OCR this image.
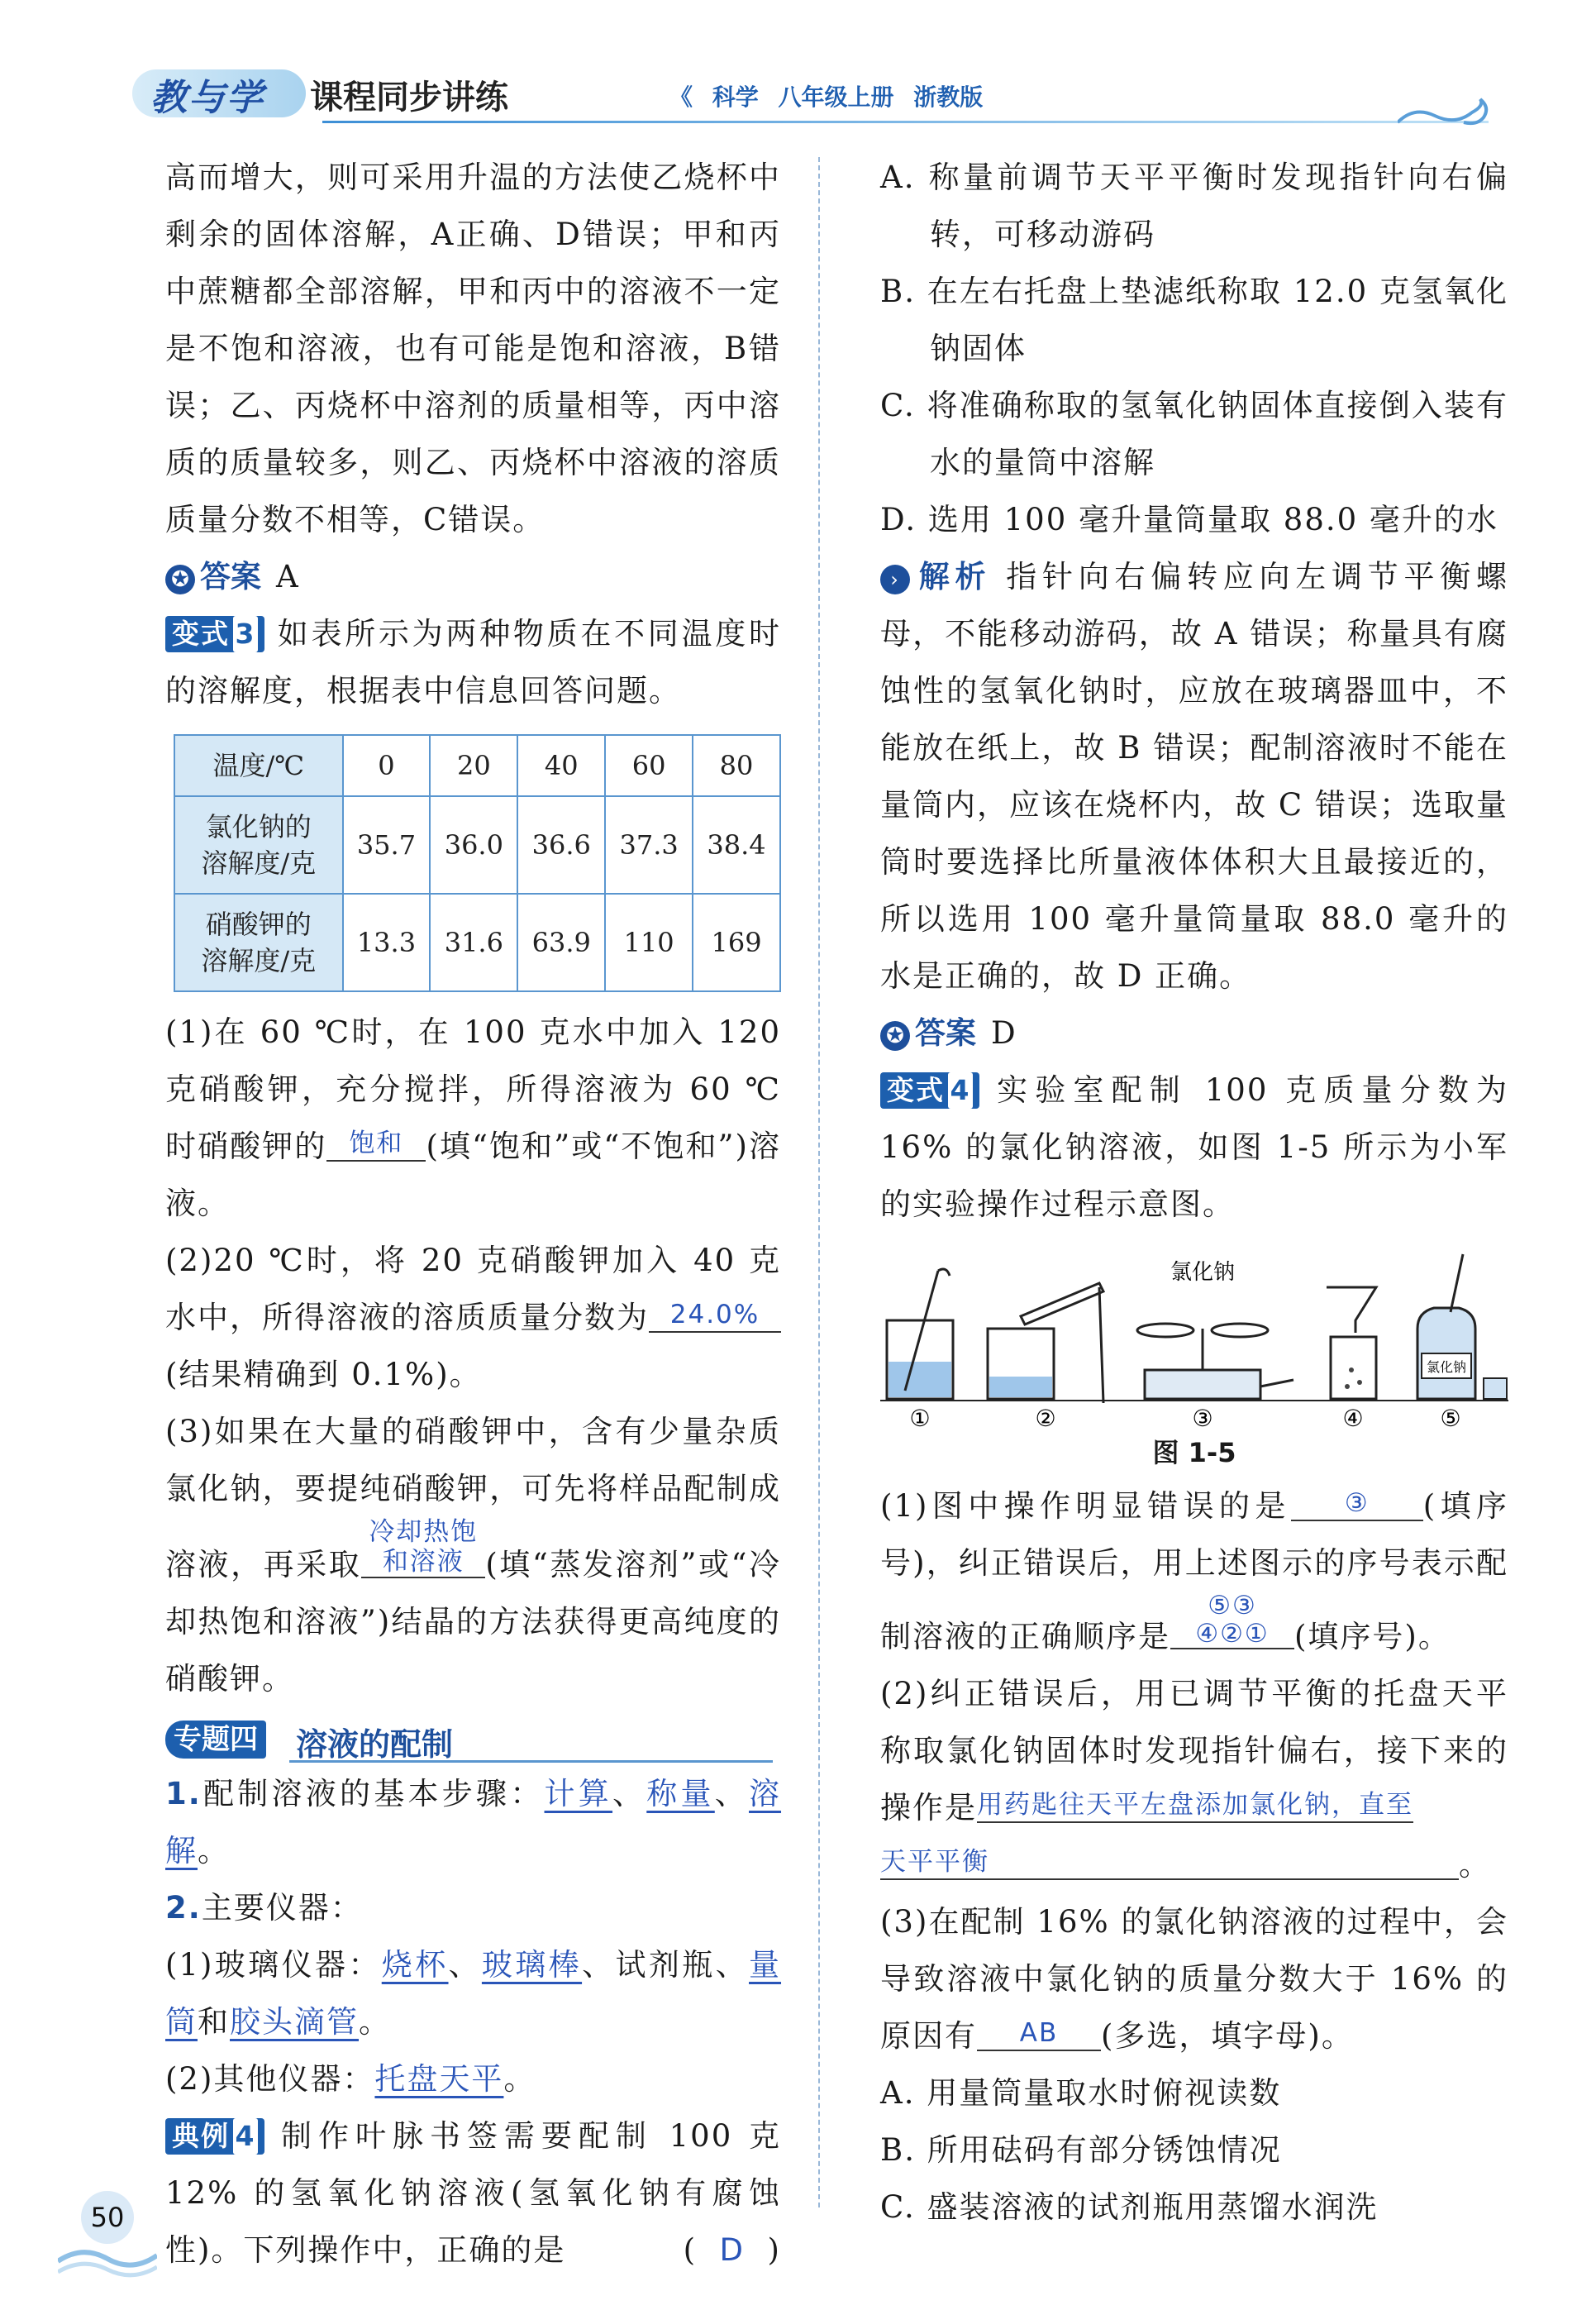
教与学 课程同步讲练	《 科学 八年级上册 浙教版

高而增大，则可采用升温的方法使乙烧杯中剩余的固体溶解，A正确、D错误；甲和丙中蔗糖都全部溶解，甲和丙中的溶液不一定是不饱和溶液，也有可能是饱和溶液，B错误；乙、丙烧杯中溶剂的质量相等，丙中溶质的质量较多，则乙、丙烧杯中溶液的溶质质量分数不相等，C错误。

✪ 答案 A

变式 3 如表所示为两种物质在不同温度时的溶解度，根据表中信息回答问题。

温度/℃	0	20	40	60	80
氯化钠的
溶解度/克	35.7	36.0	36.6	37.3	38.4
硝酸钾的
溶解度/克	13.3	31.6	63.9	110	169

(1)在 60 ℃时，在 100 克水中加入 120 克硝酸钾，充分搅拌，所得溶液为 60 ℃时硝酸钾的 饱和 (填“饱和”或“不饱和”)溶液。

(2)20 ℃时，将 20 克硝酸钾加入 40 克水中，所得溶液的溶质质量分数为 24.0%(结果精确到 0.1%)。

(3)如果在大量的硝酸钾中，含有少量杂质氯化钠，要提纯硝酸钾，可先将样品配制成溶液，再采取冷却热饱
和溶液 (填“蒸发溶剂”或“冷却热饱和溶液”)结晶的方法获得更高纯度的硝酸钾。

专题四 溶液的配制

1.配制溶液的基本步骤：计算、称量、溶解。

2.主要仪器：

(1)玻璃仪器：烧杯、玻璃棒、试剂瓶、量筒和胶头滴管。

(2)其他仪器：托盘天平。

典例 4 制作叶脉书签需要配制 100 克 12% 的氢氧化钠溶液(氢氧化钠有腐蚀性)。下列操作中，正确的是	(  D  )

A. 称量前调节天平平衡时发现指针向右偏转，可移动游码

B. 在左右托盘上垫滤纸称取 12.0 克氢氧化钠固体

C. 将准确称取的氢氧化钠固体直接倒入装有水的量筒中溶解

D. 选用 100 毫升量筒量取 88.0 毫升的水

› 解析 指针向右偏转应向左调节平衡螺母，不能移动游码，故 A 错误；称量具有腐蚀性的氢氧化钠时，应放在玻璃器皿中，不能放在纸上，故 B 错误；配制溶液时不能在量筒内，应该在烧杯内，故 C 错误；选取量筒时要选择比所量液体体积大且最接近的，所以选用 100 毫升量筒量取 88.0 毫升的水是正确的，故 D 正确。

✪ 答案 D

变式 4 实验室配制 100 克质量分数为 16% 的氯化钠溶液，如图 1-5 所示为小军的实验操作过程示意图。

氯化钠
氯化钠
①	②	③	④	⑤
图 1-5

(1)图中操作明显错误的是 ③ (填序号)，纠正错误后，用上述图示的序号表示配制溶液的正确顺序是⑤③
④②① (填序号)。

(2)纠正错误后，用已调节平衡的托盘天平称取氯化钠固体时发现指针偏右，接下来的操作是用药匙往天平左盘添加氯化钠，直至
天平平衡	。

(3)在配制 16% 的氯化钠溶液的过程中，会导致溶液中氯化钠的质量分数大于 16% 的原因有 AB (多选，填字母)。

A. 用量筒量取水时俯视读数

B. 所用砝码有部分锈蚀情况

C. 盛装溶液的试剂瓶用蒸馏水润洗

50
